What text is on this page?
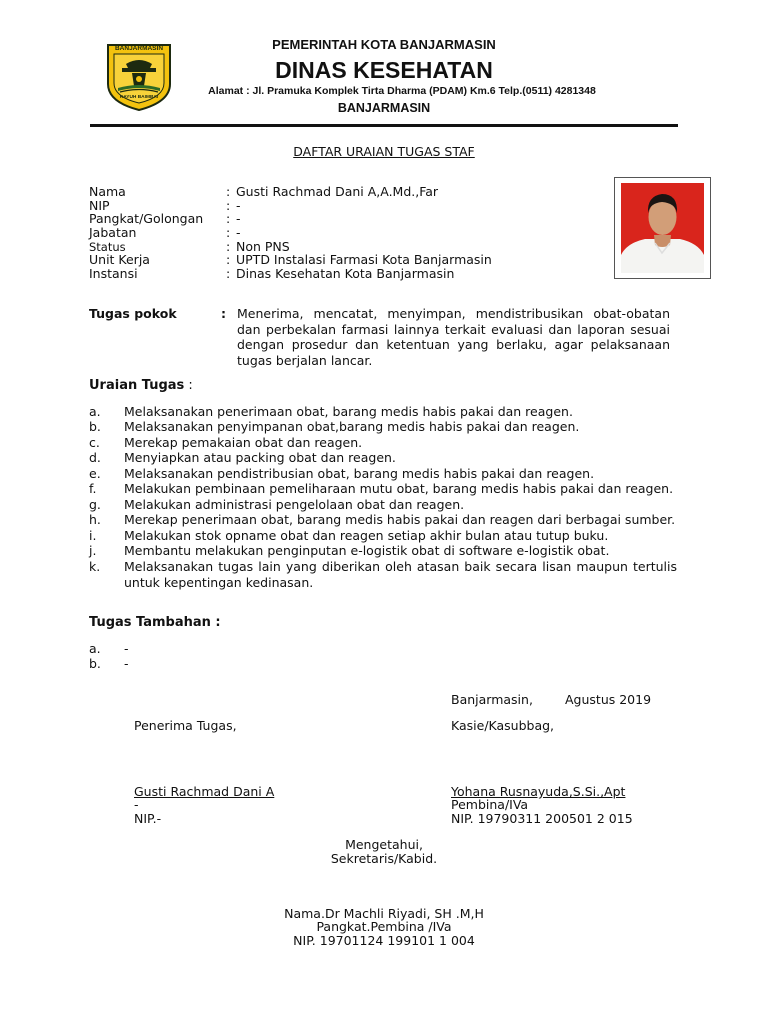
BANJARMASIN
KAYUH BAIMBAI
PEMERINTAH KOTA BANJARMASIN
DINAS KESEHATAN
Alamat : Jl. Pramuka Komplek Tirta Dharma (PDAM) Km.6 Telp.(0511) 4281348
BANJARMASIN
DAFTAR URAIAN TUGAS STAF
Nama	: Gusti Rachmad Dani A,A.Md.,Far
NIP	: -
Pangkat/Golongan : -
Jabatan	: -
Status	: Non PNS
Unit Kerja	: UPTD Instalasi Farmasi Kota Banjarmasin
Instansi	: Dinas Kesehatan Kota Banjarmasin
Tugas pokok	: Menerima, mencatat, menyimpan, mendistribusikan obat-obatan dan perbekalan farmasi lainnya terkait evaluasi dan laporan sesuai dengan prosedur dan ketentuan yang berlaku, agar pelaksanaan tugas berjalan lancar.
Uraian Tugas :
a.	Melaksanakan penerimaan obat, barang medis habis pakai dan reagen.
b.	Melaksanakan penyimpanan obat,barang medis habis pakai dan reagen.
c.	Merekap pemakaian obat dan reagen.
d.	Menyiapkan atau packing obat dan reagen.
e.	Melaksanakan pendistribusian obat, barang medis habis pakai dan reagen.
f.	Melakukan pembinaan pemeliharaan mutu obat, barang medis habis pakai dan reagen.
g.	Melakukan administrasi pengelolaan obat dan reagen.
h.	Merekap penerimaan obat, barang medis habis pakai dan reagen dari berbagai sumber.
i.	Melakukan stok opname obat dan reagen setiap akhir bulan atau tutup buku.
j.	Membantu melakukan penginputan e-logistik obat di software e-logistik obat.
k.	Melaksanakan tugas lain yang diberikan oleh atasan baik secara lisan maupun tertulis untuk kepentingan kedinasan.
Tugas Tambahan :
a.	-
b.	-
Banjarmasin,	Agustus 2019
Penerima Tugas,	Kasie/Kasubbag,
Gusti Rachmad Dani A
-
NIP.-
Yohana Rusnayuda,S.Si.,Apt
Pembina/IVa
NIP. 19790311 200501 2 015
Mengetahui,
Sekretaris/Kabid.
Nama.Dr Machli Riyadi, SH .M,H
Pangkat.Pembina /IVa
NIP. 19701124 199101 1 004
